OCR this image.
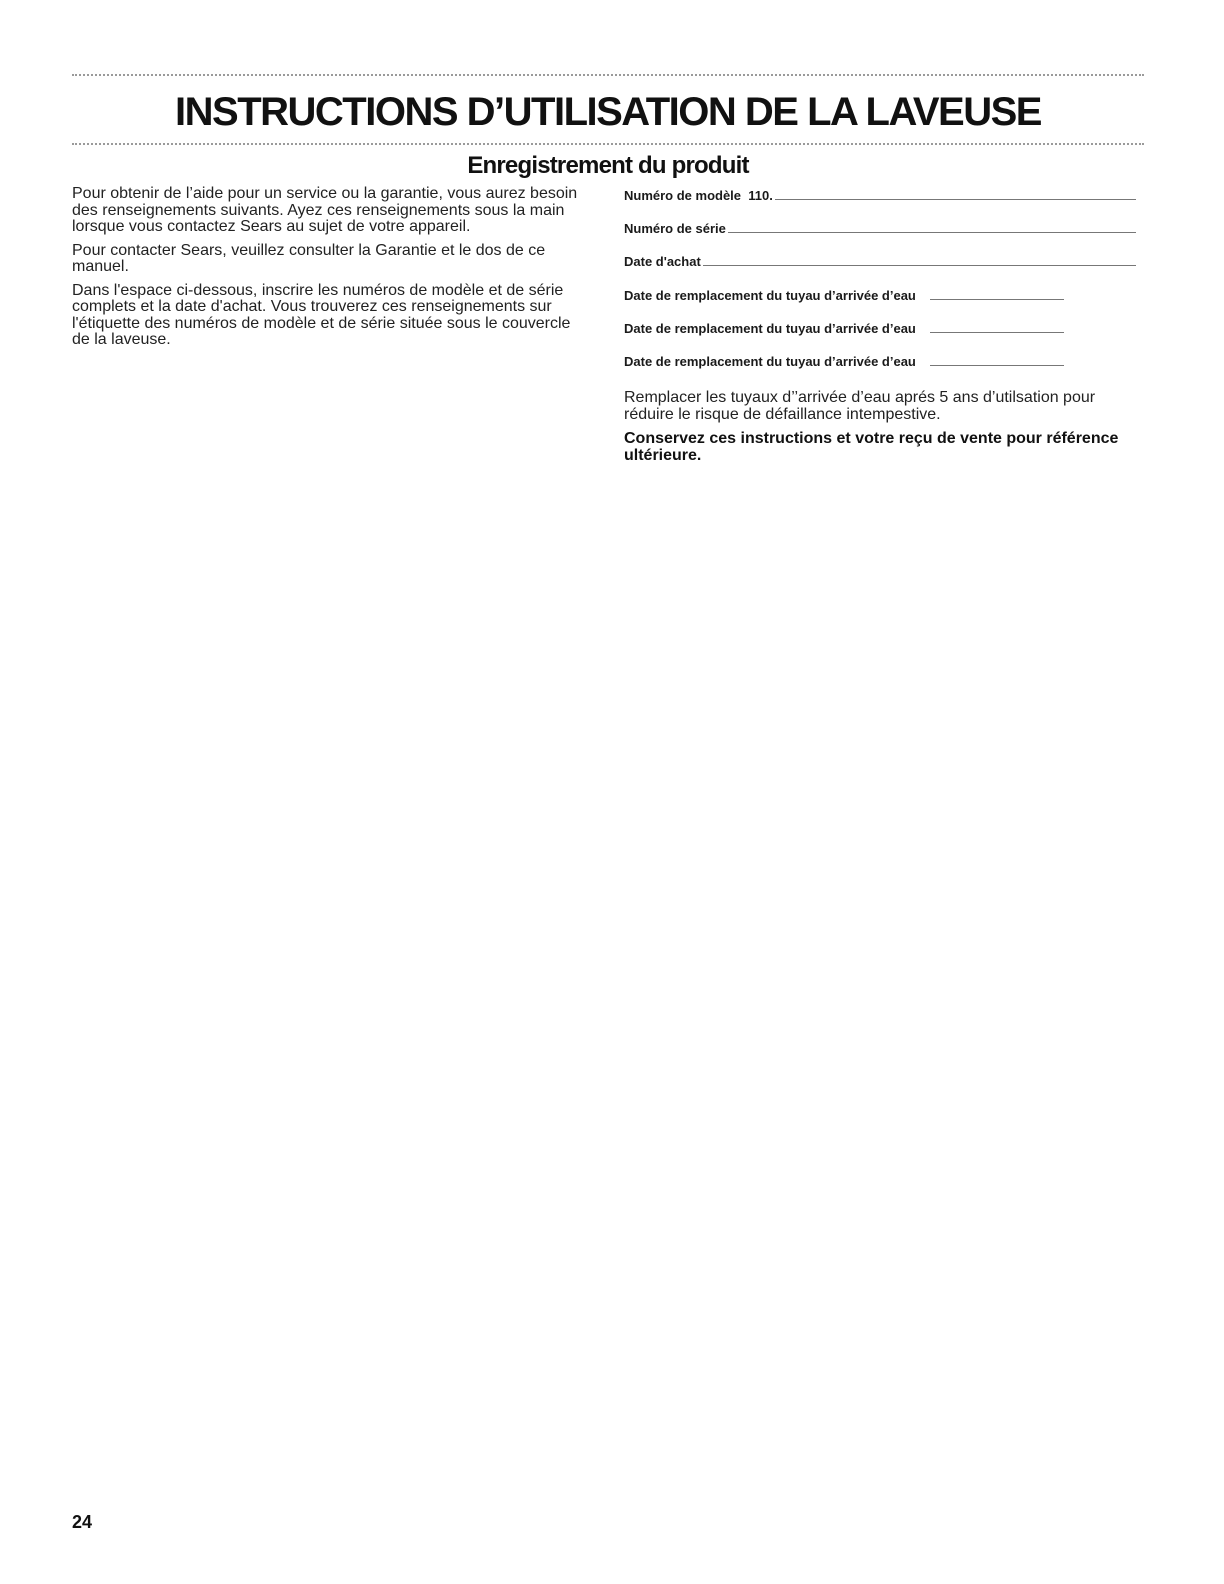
INSTRUCTIONS D’UTILISATION DE LA LAVEUSE
Enregistrement du produit

Pour obtenir de l’aide pour un service ou la garantie, vous aurez besoin des renseignements suivants. Ayez ces renseignements sous la main lorsque vous contactez Sears au sujet de votre appareil.

Pour contacter Sears, veuillez consulter la Garantie et le dos de ce manuel.

Dans l'espace ci-dessous, inscrire les numéros de modèle et de série complets et la date d'achat. Vous trouverez ces renseignements sur l'étiquette des numéros de modèle et de série située sous le couvercle de la laveuse.

Numéro de modèle  110.
Numéro de série
Date d'achat
Date de remplacement du tuyau d’arrivée d’eau
Date de remplacement du tuyau d’arrivée d’eau
Date de remplacement du tuyau d’arrivée d’eau

Remplacer les tuyaux d’’arrivée d’eau aprés 5 ans d’utilsation pour réduire le risque de défaillance intempestive.

Conservez ces instructions et votre reçu de vente pour référence ultérieure.

24
